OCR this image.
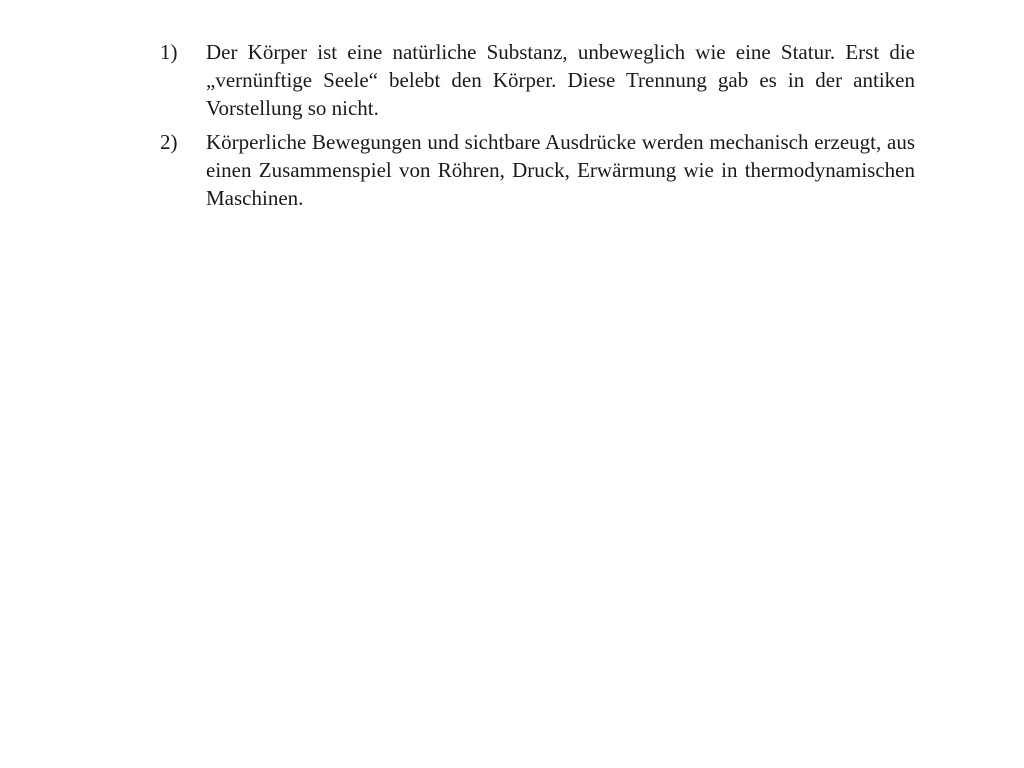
1)	Der Körper ist eine natürliche Substanz, unbeweglich wie eine Statur. Erst die „vernünftige Seele“ belebt den Körper. Diese Trennung gab es in der antiken Vorstellung so nicht.
2)	Körperliche Bewegungen und sichtbare Ausdrücke werden mechanisch erzeugt, aus einen Zusammenspiel von Röhren, Druck, Erwärmung wie in thermodynamischen Maschinen.
